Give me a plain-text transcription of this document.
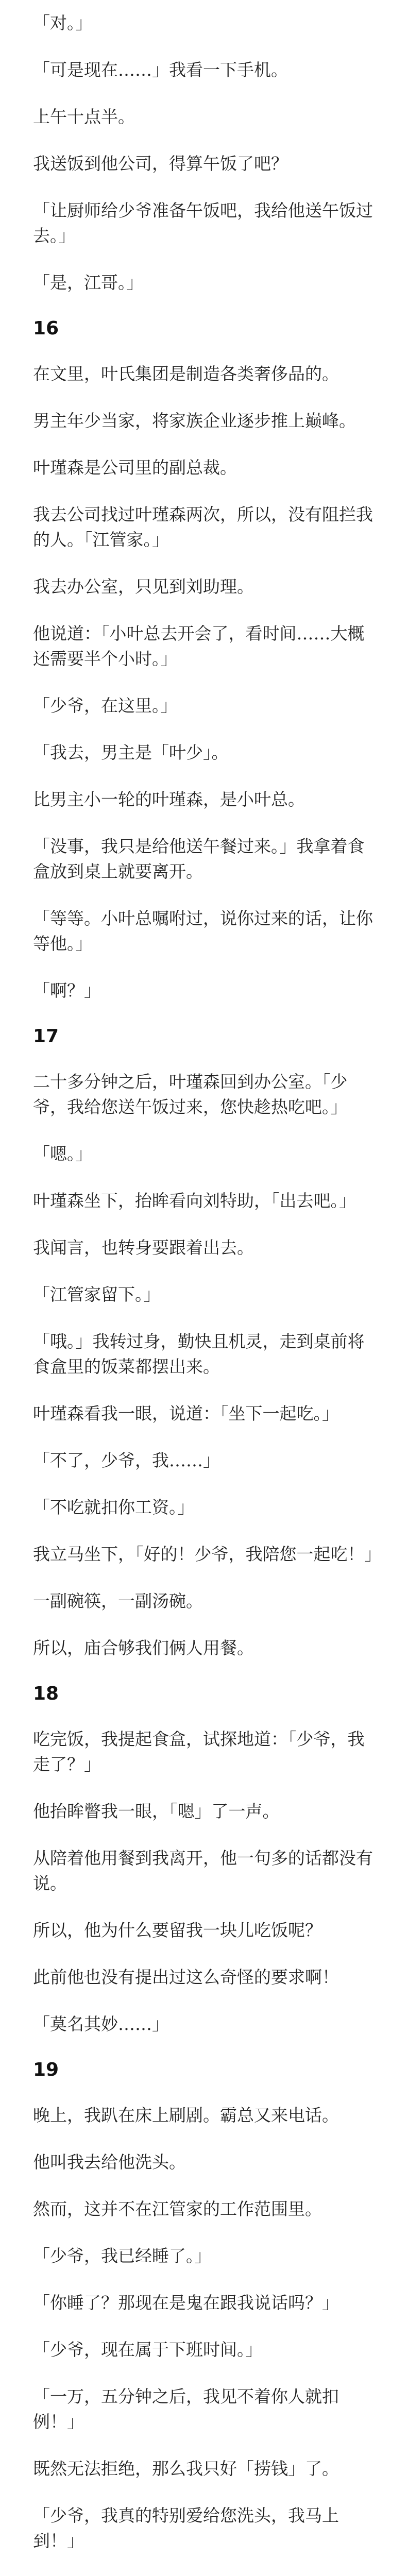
「对。」

「可是现在……」我看一下手机。

上午十点半。

我送饭到他公司，得算午饭了吧？

「让厨师给少爷准备午饭吧，我给他送午饭过去。」

「是，江哥。」

16

在文里，叶氏集团是制造各类奢侈品的。

男主年少当家，将家族企业逐步推上巅峰。

叶瑾森是公司里的副总裁。

我去公司找过叶瑾森两次，所以，没有阻拦我的人。「江管家。」

我去办公室，只见到刘助理。

他说道：「小叶总去开会了，看时间……大概还需要半个小时。」

「少爷，在这里。」

「我去，男主是「叶少」。

比男主小一轮的叶瑾森，是小叶总。

「没事，我只是给他送午餐过来。」我拿着食盒放到桌上就要离开。

「等等。小叶总嘱咐过，说你过来的话，让你等他。」

「啊？」

17

二十多分钟之后，叶瑾森回到办公室。「少爷，我给您送午饭过来，您快趁热吃吧。」

「嗯。」

叶瑾森坐下，抬眸看向刘特助，「出去吧。」

我闻言，也转身要跟着出去。

「江管家留下。」

「哦。」我转过身，勤快且机灵，走到桌前将食盒里的饭菜都摆出来。

叶瑾森看我一眼，说道：「坐下一起吃。」

「不了，少爷，我……」

「不吃就扣你工资。」

我立马坐下，「好的！少爷，我陪您一起吃！」

一副碗筷，一副汤碗。

所以，庙合够我们俩人用餐。

18

吃完饭，我提起食盒，试探地道：「少爷，我走了？」

他抬眸瞥我一眼，「嗯」了一声。

从陪着他用餐到我离开，他一句多的话都没有说。

所以，他为什么要留我一块儿吃饭呢？

此前他也没有提出过这么奇怪的要求啊！

「莫名其妙……」

19

晚上，我趴在床上刷剧。霸总又来电话。

他叫我去给他洗头。

然而，这并不在江管家的工作范围里。

「少爷，我已经睡了。」

「你睡了？那现在是鬼在跟我说话吗？」

「少爷，现在属于下班时间。」

「一万，五分钟之后，我见不着你人就扣例！」

既然无法拒绝，那么我只好「捞钱」了。

「少爷，我真的特别爱给您洗头，我马上到！」
